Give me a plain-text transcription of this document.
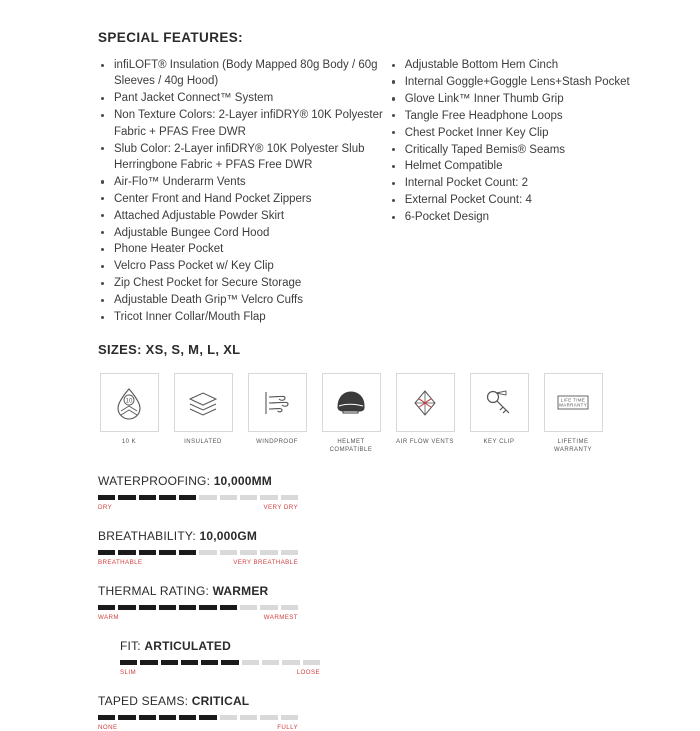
SPECIAL FEATURES:
infiLOFT® Insulation (Body Mapped 80g Body / 60g Sleeves / 40g Hood)
Pant Jacket Connect™ System
Non Texture Colors: 2-Layer infiDRY® 10K Polyester Fabric + PFAS Free DWR
Slub Color: 2-Layer infiDRY® 10K Polyester Slub Herringbone Fabric + PFAS Free DWR
Air-Flo™ Underarm Vents
Center Front and Hand Pocket Zippers
Attached Adjustable Powder Skirt
Adjustable Bungee Cord Hood
Phone Heater Pocket
Velcro Pass Pocket w/ Key Clip
Zip Chest Pocket for Secure Storage
Adjustable Death Grip™ Velcro Cuffs
Tricot Inner Collar/Mouth Flap
Adjustable Bottom Hem Cinch
Internal Goggle+Goggle Lens+Stash Pocket
Glove Link™ Inner Thumb Grip
Tangle Free Headphone Loops
Chest Pocket Inner Key Clip
Critically Taped Bemis® Seams
Helmet Compatible
Internal Pocket Count: 2
External Pocket Count: 4
6-Pocket Design
SIZES: XS, S, M, L, XL
10
10 K	INSULATED	WINDPROOF	HELMET COMPATIBLE
AIR FLOW VENTS	KEY CLIP
LIFE TIME
WARRANTY
LIFETIME WARRANTY
WATERPROOFING: 10,000MM
DRY	VERY DRY
BREATHABILITY: 10,000GM
BREATHABLE	VERY BREATHABLE
THERMAL RATING: WARMER
WARM	WARMEST
FIT: ARTICULATED
SLIM	LOOSE
TAPED SEAMS: CRITICAL
NONE	FULLY
